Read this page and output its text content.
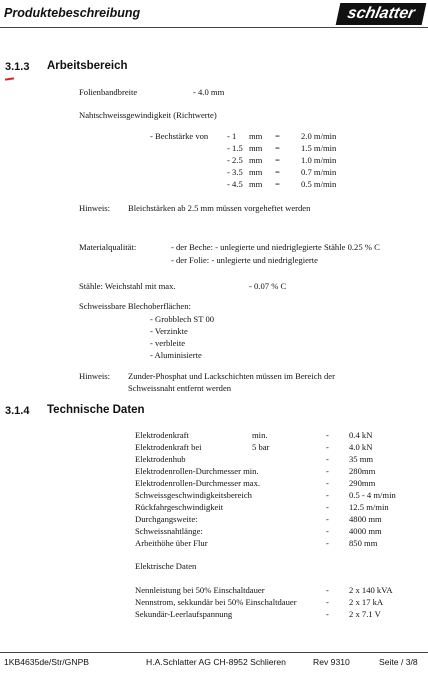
Produktebeschreibung	schlatter
3.1.3 Arbeitsbereich
Folienbandbreite	- 4.0 mm
Nahtschweissgewindigkeit (Richtwerte)
- Bechstärke von - 1 mm = 2.0 m/min
- 1.5 mm = 1.5 m/min
- 2.5 mm = 1.0 m/min
- 3.5 mm = 0.7 m/min
- 4.5 mm = 0.5 m/min
Hinweis: Bleichstärken ab 2.5 mm müssen vorgeheftet werden
Materialqualität:	- der Beche: - unlegierte und niedriglegierte Stähle 0.25 % C
- der Folie: - unlegierte und niedriglegierte
Stähle: Weichstahl mit max.	- 0.07 % C
Schweissbare Blechoberflächen:
- Grobblech ST 00
- Verzinkte
- verbleite
- Aluminisierte
Hinweis: Zunder-Phosphat und Lackschichten müssen im Bereich der
Schweissnaht entfernt werden
3.1.4 Technische Daten
Elektrodenkraft	min.	- 0.4 kN
Elektrodenkraft bei	5 bar	- 4.0 kN
Elektrodenhub	- 35 mm
Elektrodenrollen-Durchmesser min.	- 280mm
Elektrodenrollen-Durchmesser max.	- 290mm
Schweissgeschwindigkeitsbereich	- 0.5 - 4 m/min
Rückfahrgeschwindigkeit	- 12.5 m/min
Durchgangsweite:	- 4800 mm
Schweissnahtlänge:	- 4000 mm
Arbeithöhe über Flur	- 850 mm
Elektrische Daten
Nennleistung bei 50% Einschaltdauer	- 2 x 140 kVA
Nennstrom, sekkundär bei 50% Einschaltdauer	- 2 x 17 kA
Sekundär-Leerlaufspannung	- 2 x 7.1 V
1KB4635de/Str/GNPB	H.A.Schlatter AG CH-8952 Schlieren	Rev 9310	Seite / 3/8
